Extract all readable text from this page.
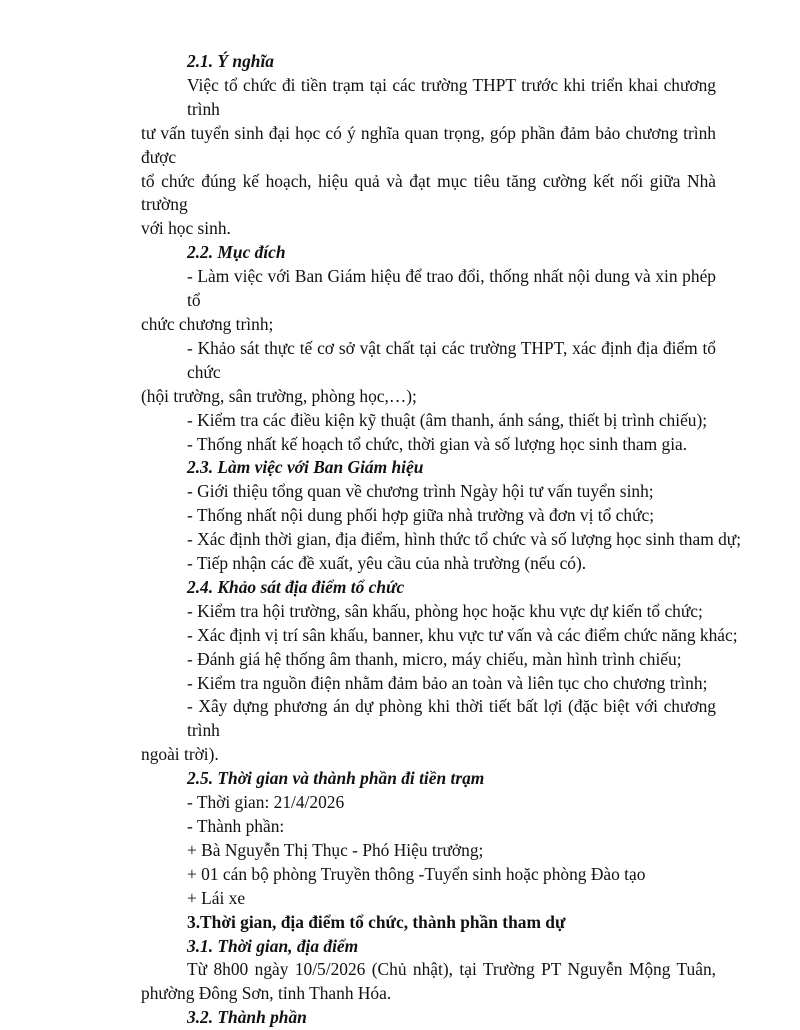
2.1. Ý nghĩa
Việc tổ chức đi tiền trạm tại các trường THPT trước khi triển khai chương trình
tư vấn tuyển sinh đại học có ý nghĩa quan trọng, góp phần đảm bảo chương trình được
tổ chức đúng kế hoạch, hiệu quả và đạt mục tiêu tăng cường kết nối giữa Nhà trường
với học sinh.
2.2. Mục đích
- Làm việc với Ban Giám hiệu để trao đổi, thống nhất nội dung và xin phép tổ
chức chương trình;
- Khảo sát thực tế cơ sở vật chất tại các trường THPT, xác định địa điểm tổ chức
(hội trường, sân trường, phòng học,…);
- Kiểm tra các điều kiện kỹ thuật (âm thanh, ánh sáng, thiết bị trình chiếu);
- Thống nhất kế hoạch tổ chức, thời gian và số lượng học sinh tham gia.
2.3. Làm việc với Ban Giám hiệu
- Giới thiệu tổng quan về chương trình Ngày hội tư vấn tuyển sinh;
- Thống nhất nội dung phối hợp giữa nhà trường và đơn vị tổ chức;
- Xác định thời gian, địa điểm, hình thức tổ chức và số lượng học sinh tham dự;
- Tiếp nhận các đề xuất, yêu cầu của nhà trường (nếu có).
2.4. Khảo sát địa điểm tổ chức
- Kiểm tra hội trường, sân khấu, phòng học hoặc khu vực dự kiến tổ chức;
- Xác định vị trí sân khấu, banner, khu vực tư vấn và các điểm chức năng khác;
- Đánh giá hệ thống âm thanh, micro, máy chiếu, màn hình trình chiếu;
- Kiểm tra nguồn điện nhằm đảm bảo an toàn và liên tục cho chương trình;
- Xây dựng phương án dự phòng khi thời tiết bất lợi (đặc biệt với chương trình
ngoài trời).
2.5. Thời gian và thành phần đi tiền trạm
- Thời gian: 21/4/2026
- Thành phần:
+ Bà Nguyễn Thị Thục - Phó Hiệu trưởng;
+ 01 cán bộ phòng Truyền thông -Tuyển sinh hoặc phòng Đào tạo
+ Lái xe
3.Thời gian, địa điểm tổ chức, thành phần tham dự
3.1. Thời gian, địa điểm
Từ 8h00 ngày 10/5/2026 (Chủ nhật), tại Trường PT Nguyễn Mộng Tuân,
phường Đông Sơn, tỉnh Thanh Hóa.
3.2. Thành phần
